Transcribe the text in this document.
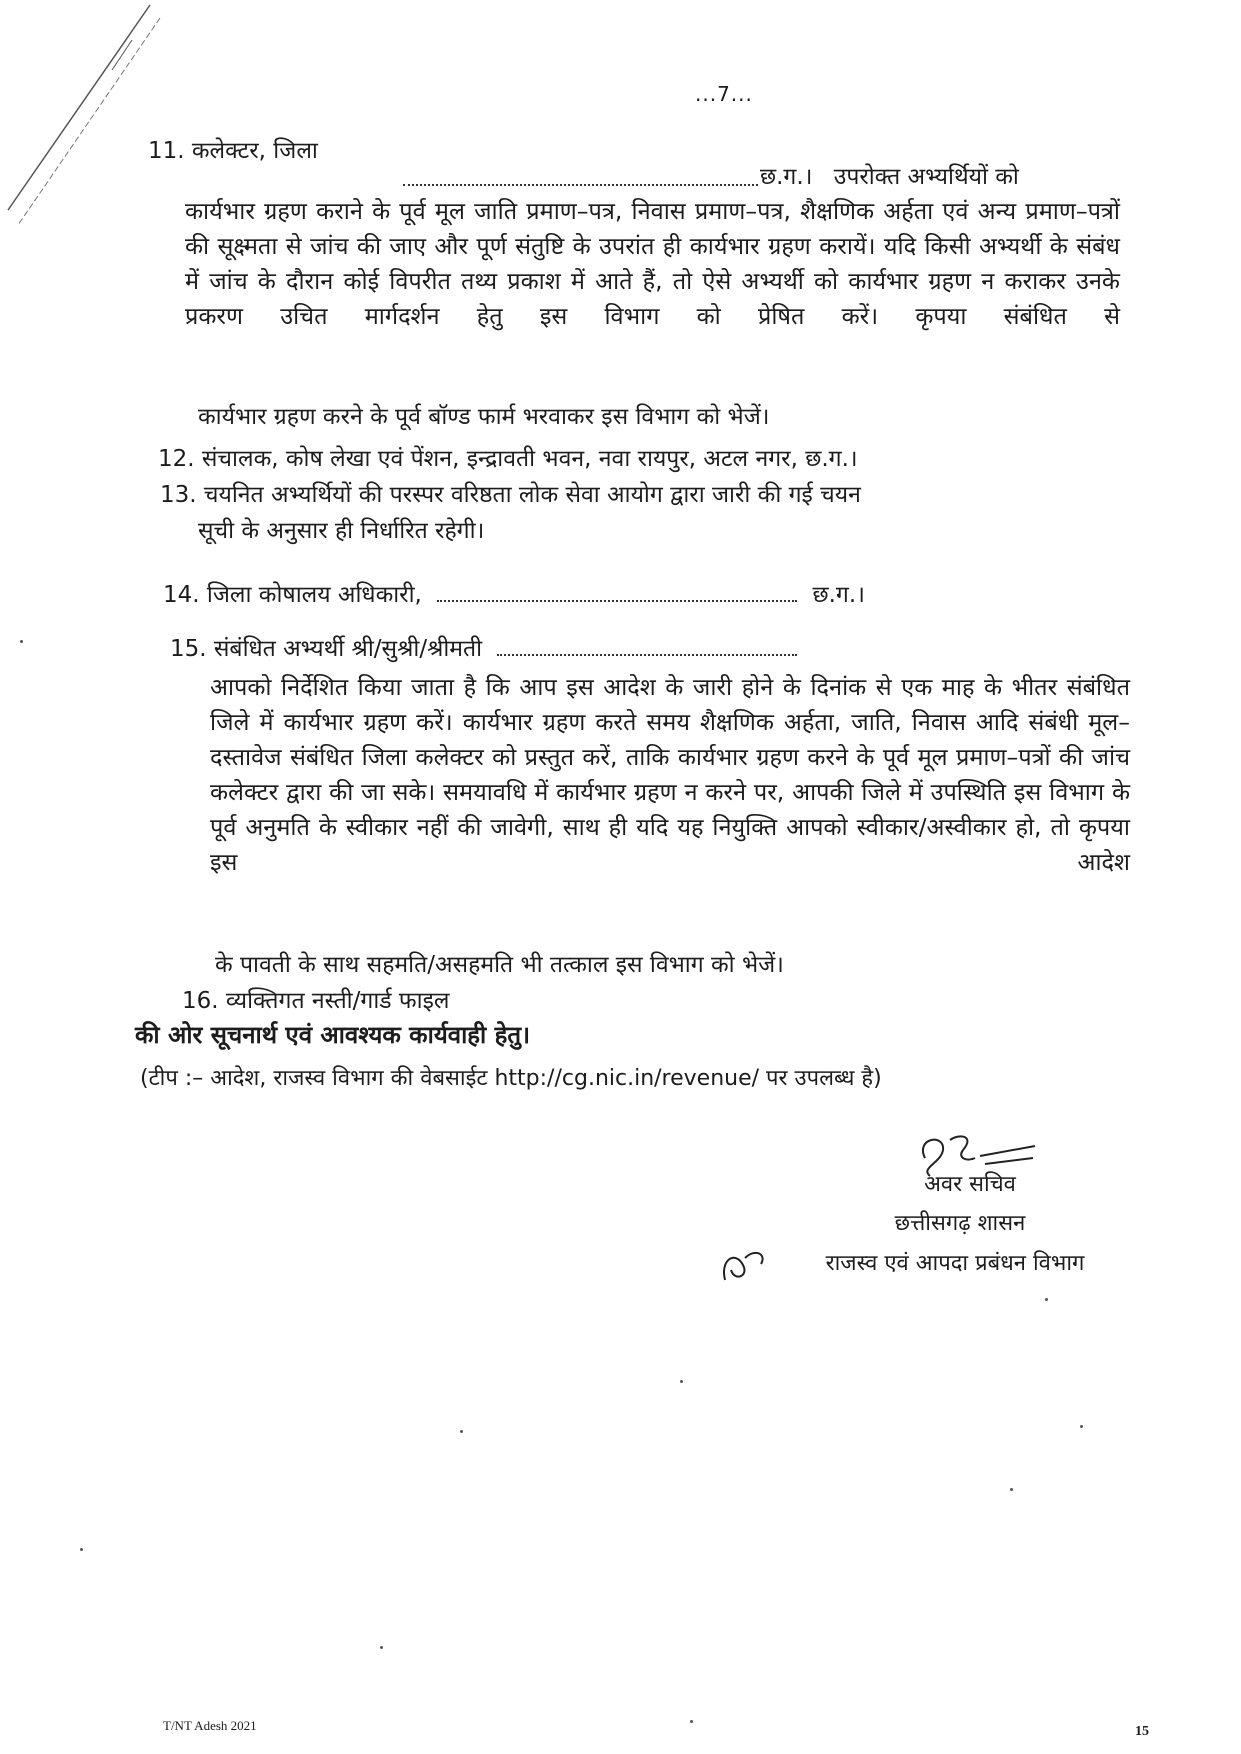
...7...
11. कलेक्टर, जिला
छ.ग.। उपरोक्त अभ्यर्थियों को
कार्यभार ग्रहण कराने के पूर्व मूल जाति प्रमाण–पत्र, निवास प्रमाण–पत्र, शैक्षणिक अर्हता एवं अन्य प्रमाण–पत्रों की सूक्ष्मता से जांच की जाए और पूर्ण संतुष्टि के उपरांत ही कार्यभार ग्रहण करायें। यदि किसी अभ्यर्थी के संबंध में जांच के दौरान कोई विपरीत तथ्य प्रकाश में आते हैं, तो ऐसे अभ्यर्थी को कार्यभार ग्रहण न कराकर उनके प्रकरण उचित मार्गदर्शन हेतु इस विभाग को प्रेषित करें। कृपया संबंधित से
कार्यभार ग्रहण करने के पूर्व बॉण्ड फार्म भरवाकर इस विभाग को भेजें।
12. संचालक, कोष लेखा एवं पेंशन, इन्द्रावती भवन, नवा रायपुर, अटल नगर, छ.ग.।
13. चयनित अभ्यर्थियों की परस्पर वरिष्ठता लोक सेवा आयोग द्वारा जारी की गई चयन
सूची के अनुसार ही निर्धारित रहेगी।
14. जिला कोषालय अधिकारी,	छ.ग.।
15. संबंधित अभ्यर्थी श्री/सुश्री/श्रीमती
आपको निर्देशित किया जाता है कि आप इस आदेश के जारी होने के दिनांक से एक माह के भीतर संबंधित जिले में कार्यभार ग्रहण करें। कार्यभार ग्रहण करते समय शैक्षणिक अर्हता, जाति, निवास आदि संबंधी मूल–दस्तावेज संबंधित जिला कलेक्टर को प्रस्तुत करें, ताकि कार्यभार ग्रहण करने के पूर्व मूल प्रमाण–पत्रों की जांच कलेक्टर द्वारा की जा सके। समयावधि में कार्यभार ग्रहण न करने पर, आपकी जिले में उपस्थिति इस विभाग के पूर्व अनुमति के स्वीकार नहीं की जावेगी, साथ ही यदि यह नियुक्ति आपको स्वीकार/अस्वीकार हो, तो कृपया इस आदेश
के पावती के साथ सहमति/असहमति भी तत्काल इस विभाग को भेजें।
16. व्यक्तिगत नस्ती/गार्ड फाइल
की ओर सूचनार्थ एवं आवश्यक कार्यवाही हेतु।
(टीप :– आदेश, राजस्व विभाग की वेबसाईट http://cg.nic.in/revenue/ पर उपलब्ध है)
अवर सचिव
छत्तीसगढ़ शासन
राजस्व एवं आपदा प्रबंधन विभाग
T/NT Adesh 2021	15
